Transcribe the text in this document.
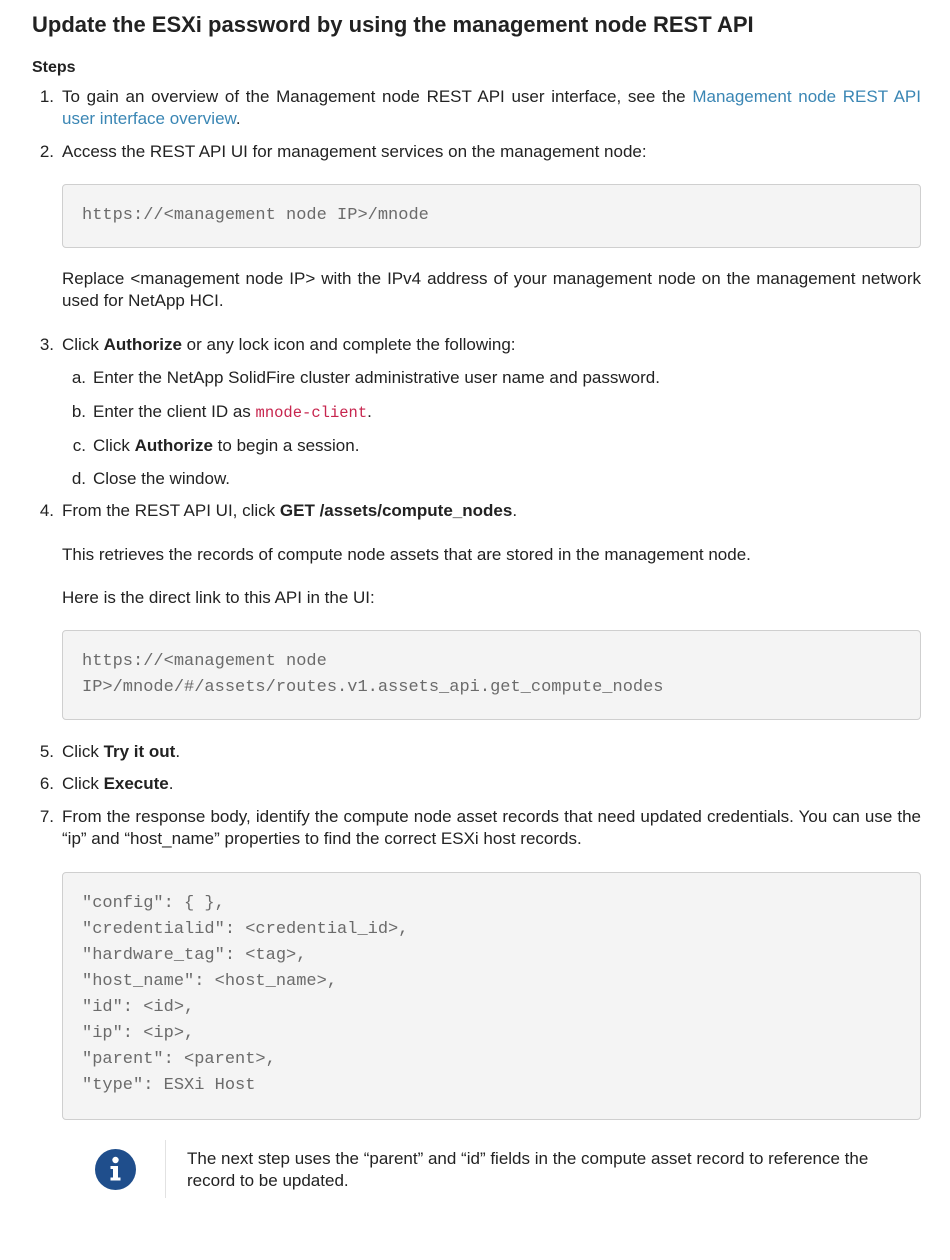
Update the ESXi password by using the management node REST API
Steps
1. To gain an overview of the Management node REST API user interface, see the Management node REST API user interface overview.
2. Access the REST API UI for management services on the management node:
https://<management node IP>/mnode
Replace <management node IP> with the IPv4 address of your management node on the management network used for NetApp HCI.
3. Click Authorize or any lock icon and complete the following:
a. Enter the NetApp SolidFire cluster administrative user name and password.
b. Enter the client ID as mnode-client.
c. Click Authorize to begin a session.
d. Close the window.
4. From the REST API UI, click GET /assets/compute_nodes.
This retrieves the records of compute node assets that are stored in the management node.
Here is the direct link to this API in the UI:
https://<management node
IP>/mnode/#/assets/routes.v1.assets_api.get_compute_nodes
5. Click Try it out.
6. Click Execute.
7. From the response body, identify the compute node asset records that need updated credentials. You can use the “ip” and “host_name” properties to find the correct ESXi host records.
"config": { },
"credentialid": <credential_id>,
"hardware_tag": <tag>,
"host_name": <host_name>,
"id": <id>,
"ip": <ip>,
"parent": <parent>,
"type": ESXi Host
The next step uses the “parent” and “id” fields in the compute asset record to reference the record to be updated.
